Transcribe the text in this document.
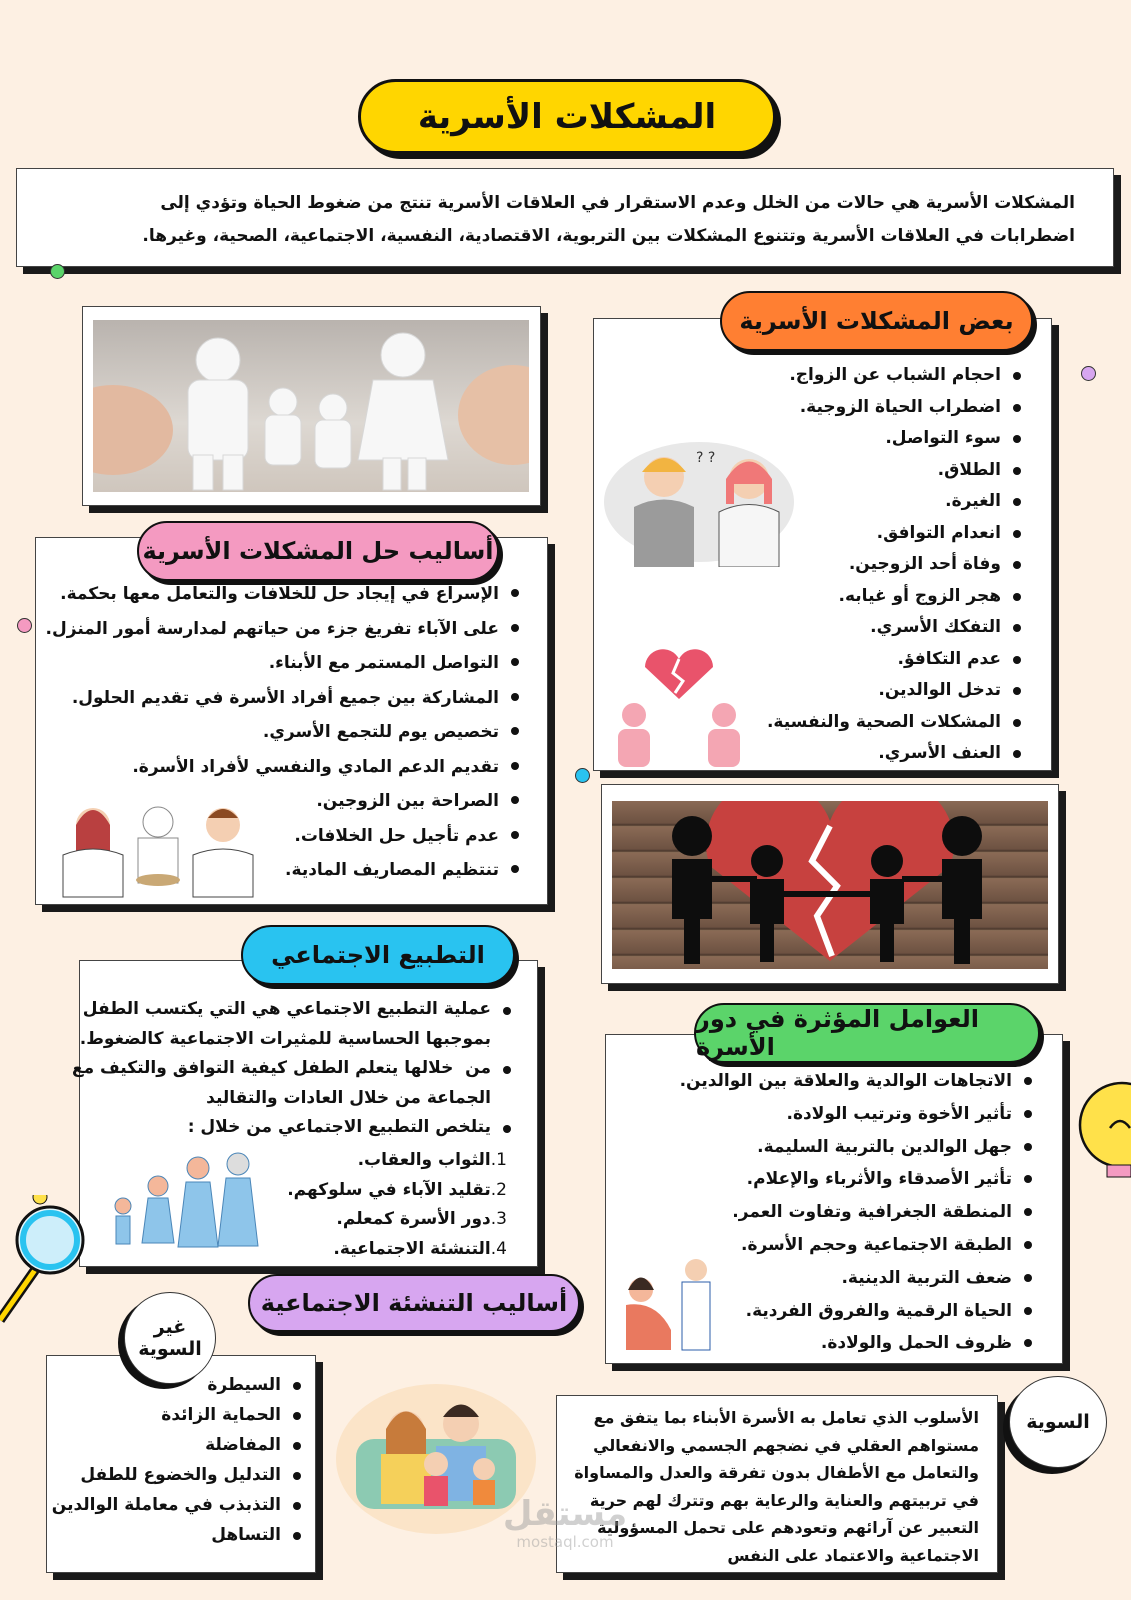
المشكلات الأسرية
المشكلات الأسرية هي حالات من الخلل وعدم الاستقرار في العلاقات الأسرية تنتج من ضغوط الحياة وتؤدي إلى
اضطرابات في العلاقات الأسرية وتتنوع المشكلات بين التربوية، الاقتصادية، النفسية، الاجتماعية، الصحية، وغيرها.
احجام الشباب عن الزواج.
اضطراب الحياة الزوجية.
سوء التواصل.
الطلاق.
الغيرة.
انعدام التوافق.
وفاة أحد الزوجين.
هجر الزوج أو غيابه.
التفكك الأسري.
عدم التكافؤ.
تدخل الوالدين.
المشكلات الصحية والنفسية.
العنف الأسري.
? ?
بعض المشكلات الأسرية
الإسراع في إيجاد حل للخلافات والتعامل معها بحكمة.
على الآباء تفريغ جزء من حياتهم لمدارسة أمور المنزل.
التواصل المستمر مع الأبناء.
المشاركة بين جميع أفراد الأسرة في تقديم الحلول.
تخصيص يوم للتجمع الأسري.
تقديم الدعم المادي والنفسي لأفراد الأسرة.
الصراحة بين الزوجين.
عدم تأجيل حل الخلافات.
تنتظيم المصاريف المادية.
أساليب حل المشكلات الأسرية
عملية التطبيع الاجتماعي هي التي يكتسب الطفل
بموجبها الحساسية للمثيرات الاجتماعية كالضغوط.
من  خلالها يتعلم الطفل كيفية التوافق والتكيف مع
الجماعة من خلال العادات والتقاليد
يتلخص التطبيع الاجتماعي من خلال :
1.الثواب والعقاب.
2.تقليد الآباء في سلوكهم.
3.دور الأسرة كمعلم.
4.التنشئة الاجتماعية.
التطبيع الاجتماعي
الاتجاهات الوالدية والعلاقة بين الوالدين.
تأثير الأخوة وترتيب الولادة.
جهل الوالدين بالتربية السليمة.
تأثير الأصدقاء والأثرباء والإعلام.
المنطقة الجغرافية وتفاوت العمر.
الطبقة الاجتماعية وحجم الأسرة.
ضعف التربية الدينية.
الحياة الرقمية والفروق الفردية.
ظروف الحمل والولادة.
العوامل المؤثرة في دور الأسرة
أساليب التنشئة الاجتماعية
السيطرة
الحماية الزائدة
المفاضلة
التدليل والخضوع للطفل
التذبذب في معاملة الوالدين
التساهل
غير
السوية
الأسلوب الذي تعامل به الأسرة الأبناء بما يتفق مع
مستواهم العقلي في نضجهم الجسمي والانفعالي
والتعامل مع الأطفال بدون تفرقة والعدل والمساواة
في تربيتهم والعناية والرعاية بهم وتترك لهم حرية
التعبير عن آرائهم وتعودهم على تحمل المسؤولية
الاجتماعية والاعتماد على النفس
السوية
مستقل
mostaql.com
